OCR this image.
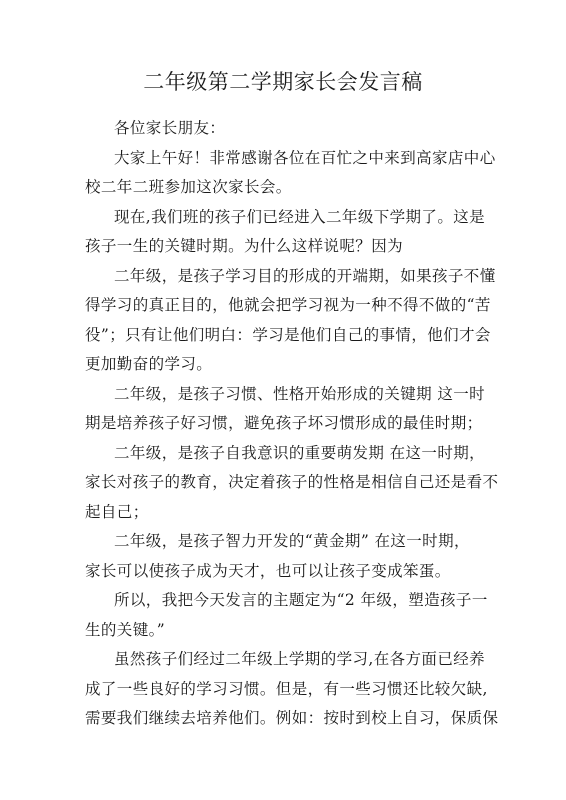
二年级第二学期家长会发言稿
各位家长朋友：
大家上午好！非常感谢各位在百忙之中来到高家店中心
校二年二班参加这次家长会。
现在,我们班的孩子们已经进入二年级下学期了。这是
孩子一生的关键时期。为什么这样说呢？因为
二年级，是孩子学习目的形成的开端期，如果孩子不懂
得学习的真正目的，他就会把学习视为一种不得不做的“苦
役”；只有让他们明白：学习是他们自己的事情，他们才会
更加勤奋的学习。
二年级，是孩子习惯、性格开始形成的关键期 这一时
期是培养孩子好习惯，避免孩子坏习惯形成的最佳时期；
二年级，是孩子自我意识的重要萌发期 在这一时期，
家长对孩子的教育，决定着孩子的性格是相信自己还是看不
起自己；
二年级，是孩子智力开发的“黄金期” 在这一时期，
家长可以使孩子成为天才，也可以让孩子变成笨蛋。
所以，我把今天发言的主题定为“2 年级，塑造孩子一
生的关键。”
虽然孩子们经过二年级上学期的学习,在各方面已经养
成了一些良好的学习习惯。但是，有一些习惯还比较欠缺,
需要我们继续去培养他们。例如：按时到校上自习，保质保
